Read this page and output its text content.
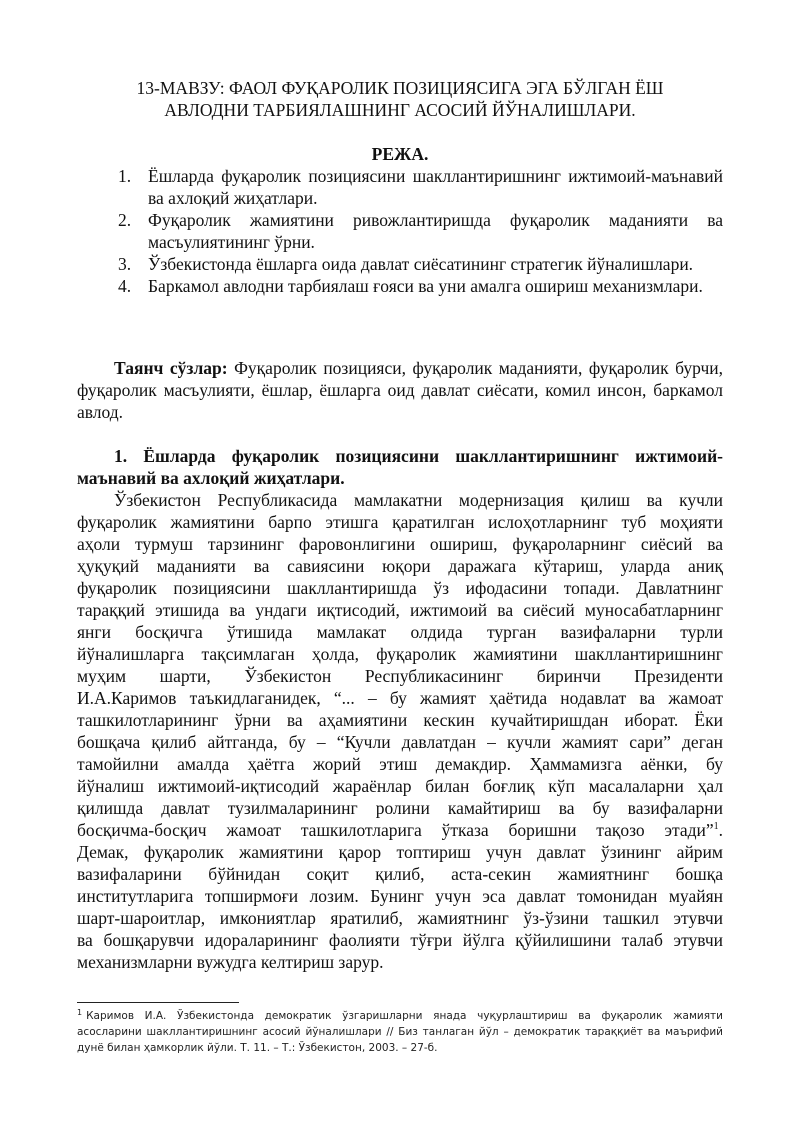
13-МАВЗУ: ФАОЛ ФУҚАРОЛИК ПОЗИЦИЯСИГА ЭГА БЎЛГАН ЁШ
АВЛОДНИ ТАРБИЯЛАШНИНГ АСОСИЙ ЙЎНАЛИШЛАРИ.
РЕЖА.
1. Ёшларда фуқаролик позициясини шакллантиришнинг ижтимоий-маънавий ва ахлоқий жиҳатлари.
2. Фуқаролик жамиятини ривожлантиришда фуқаролик маданияти ва масъулиятининг ўрни.
3. Ўзбекистонда ёшларга оида давлат сиёсатининг стратегик йўналишлари.
4. Баркамол авлодни тарбиялаш ғояси ва уни амалга ошириш механизмлари.
Таянч сўзлар: Фуқаролик позицияси, фуқаролик маданияти, фуқаролик бурчи, фуқаролик масъулияти, ёшлар, ёшларга оид давлат сиёсати, комил инсон, баркамол авлод.
1. Ёшларда фуқаролик позициясини шакллантиришнинг ижтимоий-маънавий ва ахлоқий жиҳатлари.
Ўзбекистон Республикасида мамлакатни модернизация қилиш ва кучли
фуқаролик жамиятини барпо этишга қаратилган ислоҳотларнинг туб моҳияти
аҳоли турмуш тарзининг фаровонлигини ошириш, фуқароларнинг сиёсий ва
ҳуқуқий маданияти ва савиясини юқори даражага кўтариш, уларда аниқ
фуқаролик позициясини шакллантиришда ўз ифодасини топади. Давлатнинг
тараққий этишида ва ундаги иқтисодий, ижтимоий ва сиёсий муносабатларнинг
янги босқичга ўтишида мамлакат олдида турган вазифаларни турли
йўналишларга тақсимлаган ҳолда, фуқаролик жамиятини шакллантиришнинг
муҳим шарти, Ўзбекистон Республикасининг биринчи Президенти
И.А.Каримов таъкидлаганидек, “... – бу жамият ҳаётида нодавлат ва жамоат
ташкилотларининг ўрни ва аҳамиятини кескин кучайтиришдан иборат. Ёки
бошқача қилиб айтганда, бу – “Кучли давлатдан – кучли жамият сари” деган
тамойилни амалда ҳаётга жорий этиш демакдир. Ҳаммамизга аёнки, бу
йўналиш ижтимоий-иқтисодий жараёнлар билан боғлиқ кўп масалаларни ҳал
қилишда давлат тузилмаларининг ролини камайтириш ва бу вазифаларни
босқичма-босқич жамоат ташкилотларига ўтказа боришни тақозо этади”$^1$.
Демак, фуқаролик жамиятини қарор топтириш учун давлат ўзининг айрим
вазифаларини бўйнидан соқит қилиб, аста-секин жамиятнинг бошқа
институтларига топширмоғи лозим. Бунинг учун эса давлат томонидан муайян
шарт-шароитлар, имкониятлар яратилиб, жамиятнинг ўз-ўзини ташкил этувчи
ва бошқарувчи идораларининг фаолияти тўғри йўлга қўйилишини талаб этувчи
механизмларни вужудга келтириш зарур.
$^1$ Каримов И.А. Ўзбекистонда демократик ўзгаришларни янада чуқурлаштириш ва фуқаролик жамияти асосларини шакллантиришнинг асосий йўналишлари // Биз танлаган йўл – демократик тараққиёт ва маърифий дунё билан ҳамкорлик йўли. Т. 11. – Т.: Ўзбекистон, 2003. – 27-б.
